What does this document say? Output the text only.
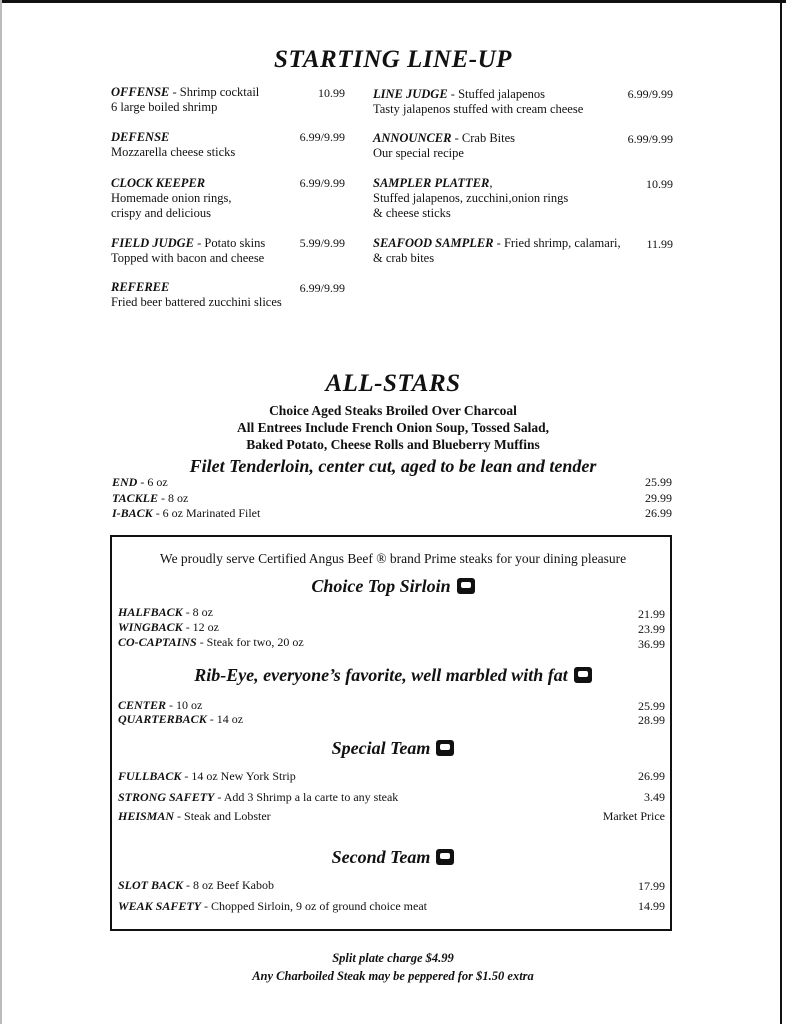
STARTING LINE-UP
OFFENSE - Shrimp cocktail
6 large boiled shrimp
10.99
DEFENSE
Mozzarella cheese sticks
6.99/9.99
CLOCK KEEPER
Homemade onion rings,
crispy and delicious
6.99/9.99
FIELD JUDGE - Potato skins
Topped with bacon and cheese
5.99/9.99
REFEREE
Fried beer battered zucchini slices
6.99/9.99
LINE JUDGE - Stuffed jalapenos
Tasty jalapenos stuffed with cream cheese
6.99/9.99
ANNOUNCER - Crab Bites
Our special recipe
6.99/9.99
SAMPLER PLATTER,
Stuffed jalapenos, zucchini,onion rings
& cheese sticks
10.99
SEAFOOD SAMPLER - Fried shrimp, calamari,
& crab bites
11.99
ALL-STARS
Choice Aged Steaks Broiled Over Charcoal
All Entrees Include French Onion Soup, Tossed Salad,
Baked Potato, Cheese Rolls and Blueberry Muffins
Filet Tenderloin, center cut, aged to be lean and tender
END - 6 oz	25.99
TACKLE - 8 oz	29.99
I-BACK - 6 oz Marinated Filet	26.99
We proudly serve Certified Angus Beef ® brand Prime steaks for your dining pleasure
Choice Top Sirloin
HALFBACK - 8 oz	21.99
WINGBACK - 12 oz	23.99
CO-CAPTAINS - Steak for two, 20 oz	36.99
Rib-Eye, everyone’s favorite, well marbled with fat
CENTER - 10 oz	25.99
QUARTERBACK - 14 oz	28.99
Special Team
FULLBACK - 14 oz New York Strip	26.99
STRONG SAFETY - Add 3 Shrimp a la carte to any steak	3.49
HEISMAN - Steak and Lobster	Market Price
Second Team
SLOT BACK - 8 oz Beef Kabob	17.99
WEAK SAFETY - Chopped Sirloin, 9 oz of ground choice meat	14.99
Split plate charge $4.99
Any Charboiled Steak may be peppered for $1.50 extra
